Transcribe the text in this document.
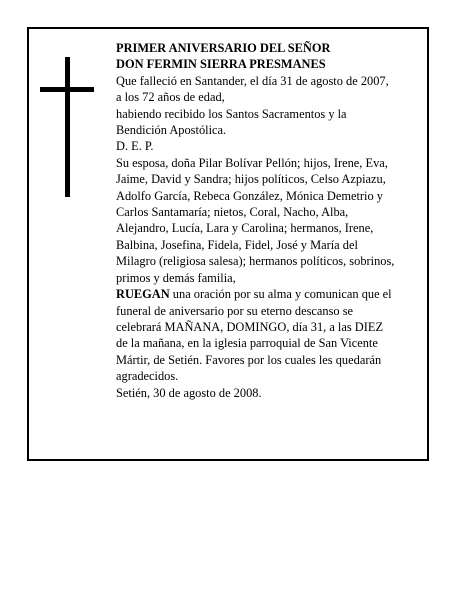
PRIMER ANIVERSARIO DEL SEÑOR
DON FERMIN SIERRA PRESMANES
Que falleció en Santander, el día 31 de agosto de 2007,
a los 72 años de edad,
habiendo recibido los Santos Sacramentos y la
Bendición Apostólica.
D. E. P.
Su esposa, doña Pilar Bolívar Pellón; hijos, Irene, Eva,
Jaime, David y Sandra; hijos políticos, Celso Azpiazu,
Adolfo García, Rebeca González, Mónica Demetrio y
Carlos Santamaría; nietos, Coral, Nacho, Alba,
Alejandro, Lucía, Lara y Carolina; hermanos, Irene,
Balbina, Josefina, Fidela, Fidel, José y María del
Milagro (religiosa salesa); hermanos políticos, sobrinos,
primos y demás familia,
RUEGAN una oración por su alma y comunican que el
funeral de aniversario por su eterno descanso se
celebrará MAÑANA, DOMINGO, día 31, a las DIEZ
de la mañana, en la iglesia parroquial de San Vicente
Mártir, de Setién. Favores por los cuales les quedarán
agradecidos.
Setién, 30 de agosto de 2008.
